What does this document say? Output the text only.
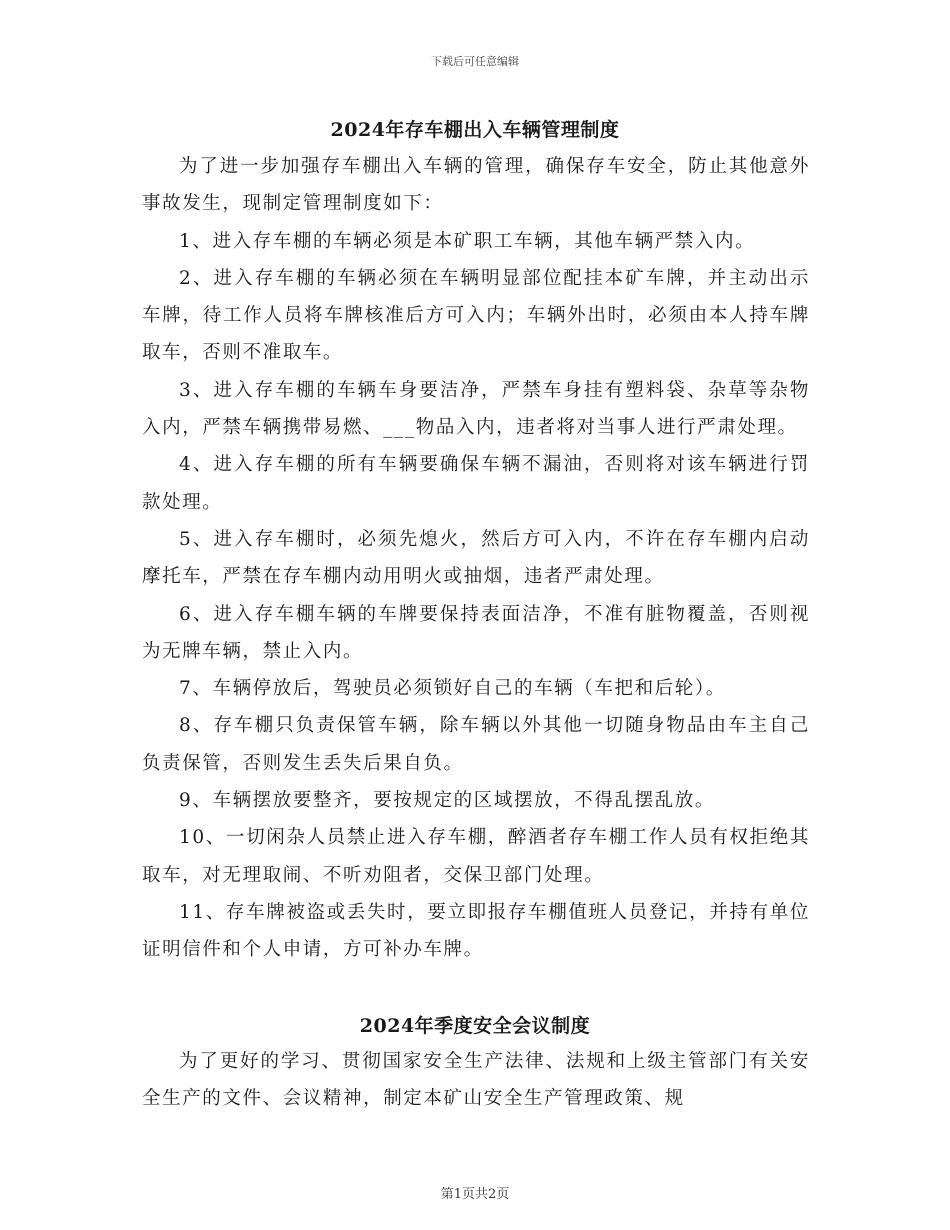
下载后可任意编辑
2024年存车棚出入车辆管理制度

为了进一步加强存车棚出入车辆的管理，确保存车安全，防止其他意外事故发生，现制定管理制度如下：

1、进入存车棚的车辆必须是本矿职工车辆，其他车辆严禁入内。

2、进入存车棚的车辆必须在车辆明显部位配挂本矿车牌，并主动出示车牌，待工作人员将车牌核准后方可入内；车辆外出时，必须由本人持车牌取车，否则不准取车。

3、进入存车棚的车辆车身要洁净，严禁车身挂有塑料袋、杂草等杂物入内，严禁车辆携带易燃、___物品入内，违者将对当事人进行严肃处理。

4、进入存车棚的所有车辆要确保车辆不漏油，否则将对该车辆进行罚款处理。

5、进入存车棚时，必须先熄火，然后方可入内，不许在存车棚内启动摩托车，严禁在存车棚内动用明火或抽烟，违者严肃处理。

6、进入存车棚车辆的车牌要保持表面洁净，不准有脏物覆盖，否则视为无牌车辆，禁止入内。

7、车辆停放后，驾驶员必须锁好自己的车辆（车把和后轮）。

8、存车棚只负责保管车辆，除车辆以外其他一切随身物品由车主自己负责保管，否则发生丢失后果自负。

9、车辆摆放要整齐，要按规定的区域摆放，不得乱摆乱放。

10、一切闲杂人员禁止进入存车棚，醉酒者存车棚工作人员有权拒绝其取车，对无理取闹、不听劝阻者，交保卫部门处理。

11、存车牌被盗或丢失时，要立即报存车棚值班人员登记，并持有单位证明信件和个人申请，方可补办车牌。

2024年季度安全会议制度

为了更好的学习、贯彻国家安全生产法律、法规和上级主管部门有关安全生产的文件、会议精神，制定本矿山安全生产管理政策、规

第1页共2页
